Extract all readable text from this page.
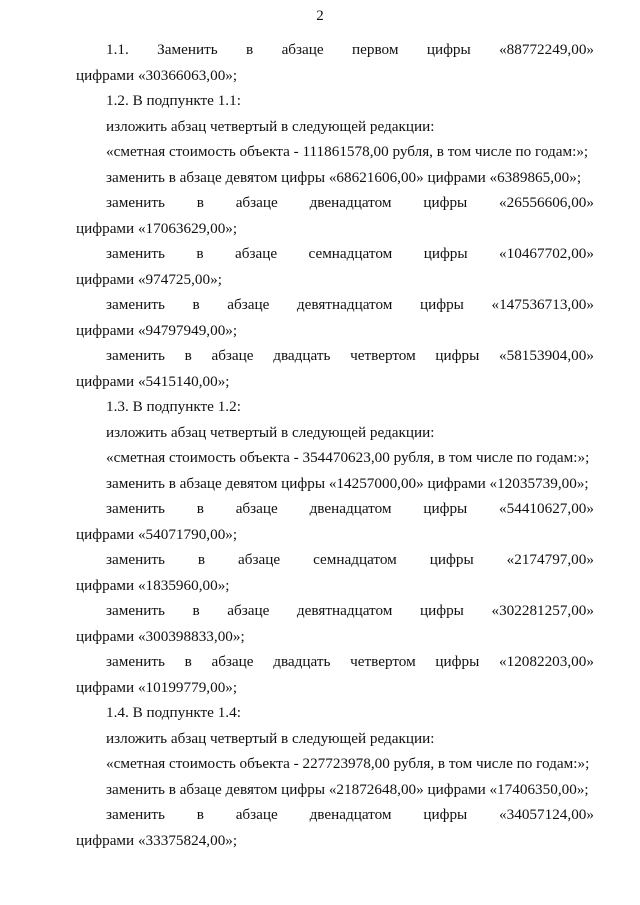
2
1.1. Заменить в абзаце первом цифры «88772249,00»
цифрами «30366063,00»;
1.2. В подпункте 1.1:
изложить абзац четвертый в следующей редакции:
«сметная стоимость объекта - 111861578,00 рубля, в том числе по годам:»;
заменить в абзаце девятом цифры «68621606,00» цифрами «6389865,00»;
заменить в абзаце двенадцатом цифры «26556606,00»
цифрами «17063629,00»;
заменить в абзаце семнадцатом цифры «10467702,00»
цифрами «974725,00»;
заменить в абзаце девятнадцатом цифры «147536713,00»
цифрами «94797949,00»;
заменить в абзаце двадцать четвертом цифры «58153904,00»
цифрами «5415140,00»;
1.3. В подпункте 1.2:
изложить абзац четвертый в следующей редакции:
«сметная стоимость объекта - 354470623,00 рубля, в том числе по годам:»;
заменить в абзаце девятом цифры «14257000,00» цифрами «12035739,00»;
заменить в абзаце двенадцатом цифры «54410627,00»
цифрами «54071790,00»;
заменить в абзаце семнадцатом цифры «2174797,00»
цифрами «1835960,00»;
заменить в абзаце девятнадцатом цифры «302281257,00»
цифрами «300398833,00»;
заменить в абзаце двадцать четвертом цифры «12082203,00»
цифрами «10199779,00»;
1.4. В подпункте 1.4:
изложить абзац четвертый в следующей редакции:
«сметная стоимость объекта - 227723978,00 рубля, в том числе по годам:»;
заменить в абзаце девятом цифры «21872648,00» цифрами «17406350,00»;
заменить в абзаце двенадцатом цифры «34057124,00»
цифрами «33375824,00»;
